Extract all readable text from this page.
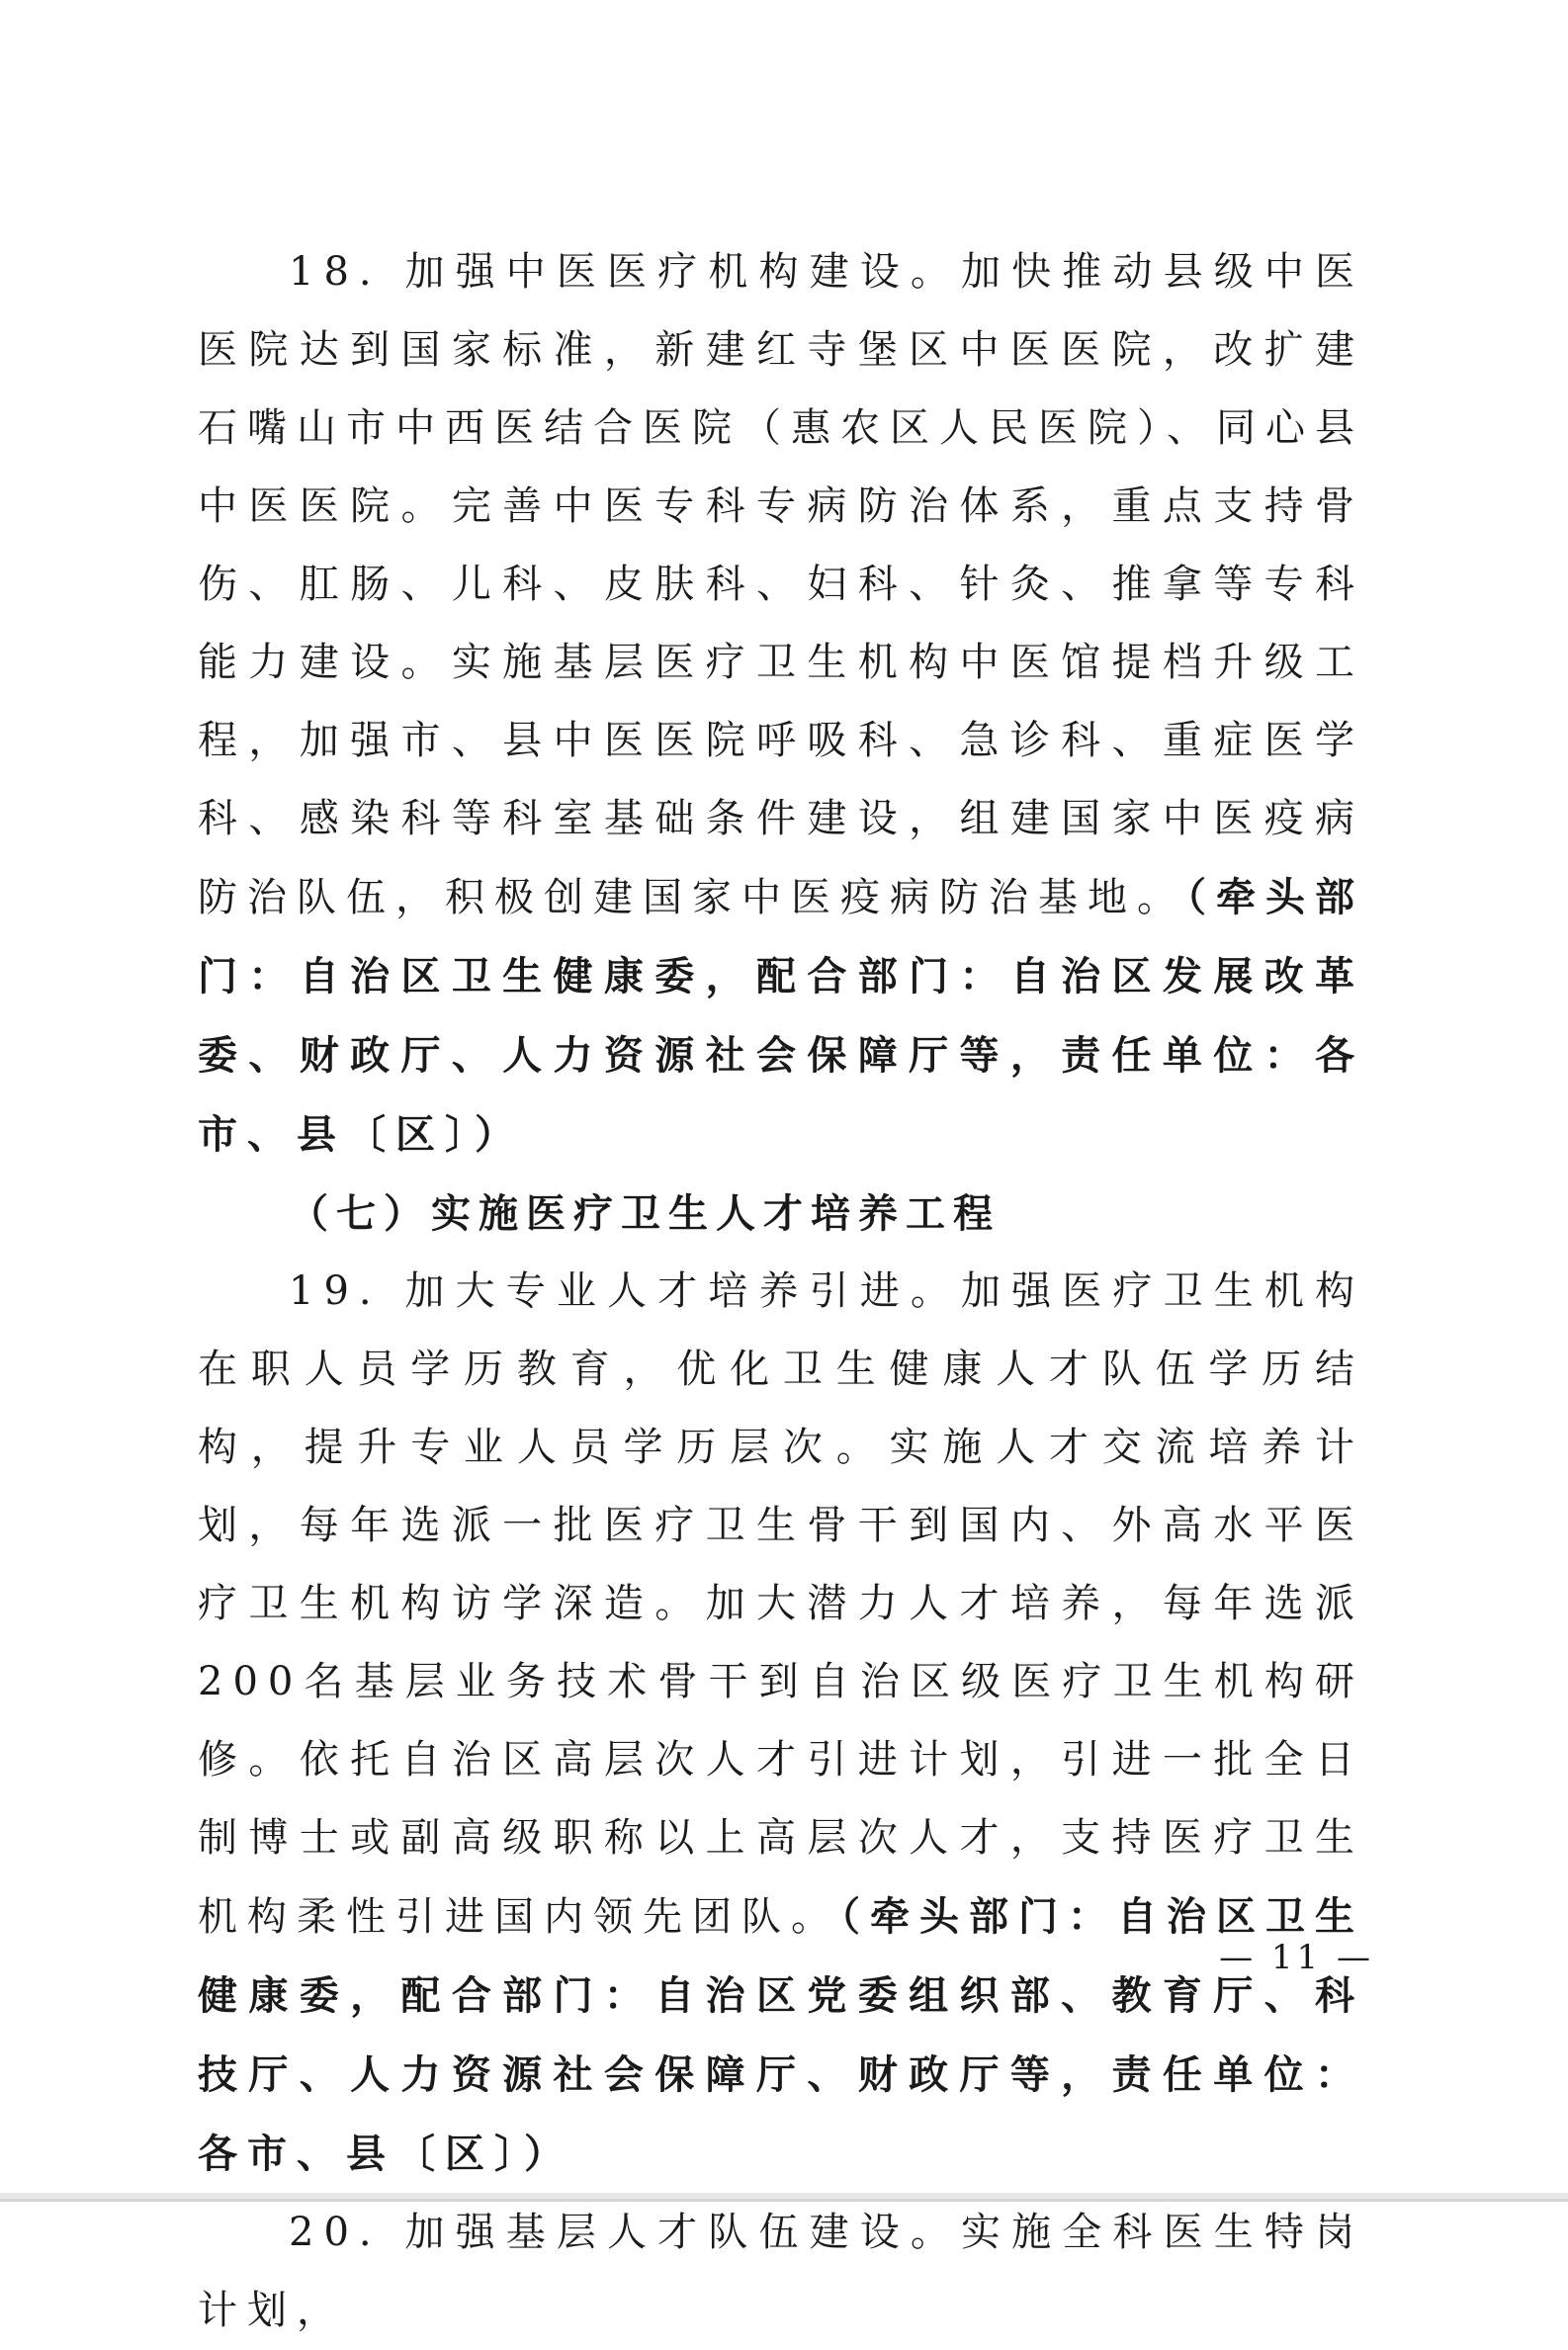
18. 加强中医医疗机构建设。加快推动县级中医医院达到国家标准，新建红寺堡区中医医院，改扩建石嘴山市中西医结合医院（惠农区人民医院）、同心县中医医院。完善中医专科专病防治体系，重点支持骨伤、肛肠、儿科、皮肤科、妇科、针灸、推拿等专科能力建设。实施基层医疗卫生机构中医馆提档升级工程，加强市、县中医医院呼吸科、急诊科、重症医学科、感染科等科室基础条件建设，组建国家中医疫病防治队伍，积极创建国家中医疫病防治基地。（牵头部门：自治区卫生健康委，配合部门：自治区发展改革委、财政厅、人力资源社会保障厅等，责任单位：各市、县〔区〕）

（七）实施医疗卫生人才培养工程

19. 加大专业人才培养引进。加强医疗卫生机构在职人员学历教育，优化卫生健康人才队伍学历结构，提升专业人员学历层次。实施人才交流培养计划，每年选派一批医疗卫生骨干到国内、外高水平医疗卫生机构访学深造。加大潜力人才培养，每年选派200名基层业务技术骨干到自治区级医疗卫生机构研修。依托自治区高层次人才引进计划，引进一批全日制博士或副高级职称以上高层次人才，支持医疗卫生机构柔性引进国内领先团队。（牵头部门：自治区卫生健康委，配合部门：自治区党委组织部、教育厅、科技厅、人力资源社会保障厅、财政厅等，责任单位：各市、县〔区〕）

20. 加强基层人才队伍建设。实施全科医生特岗计划，

— 11 —
